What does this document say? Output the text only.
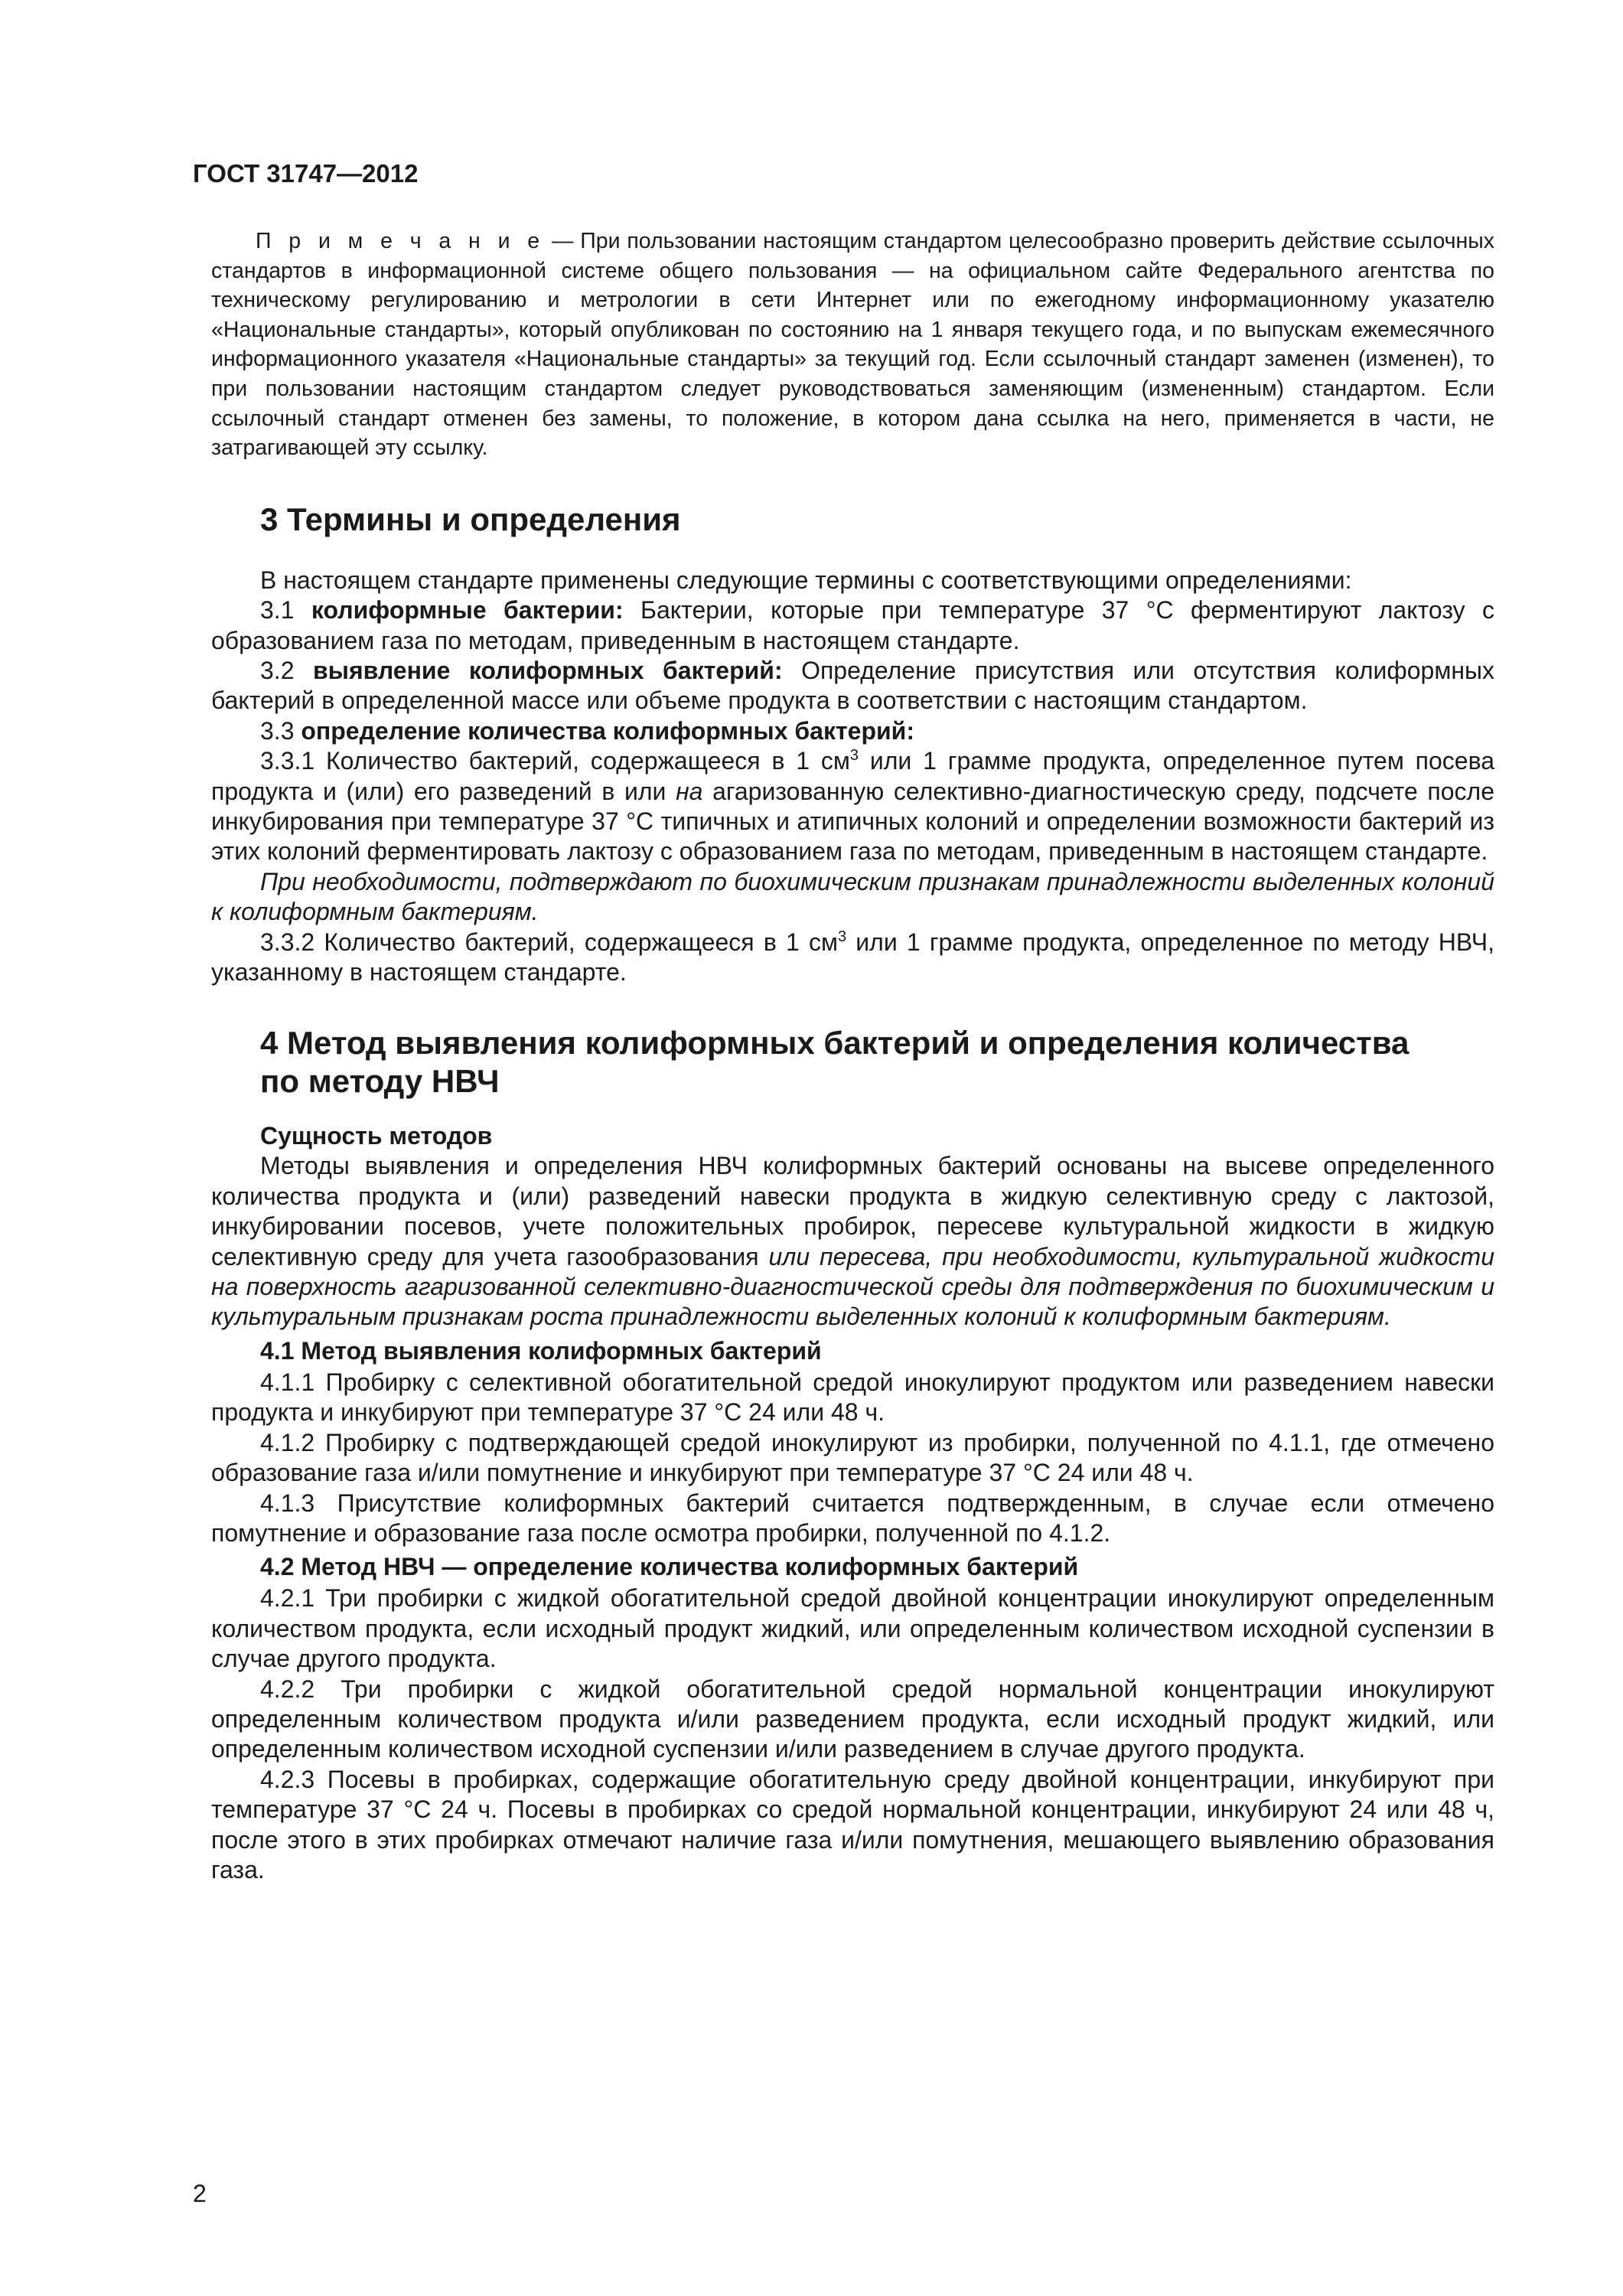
ГОСТ 31747—2012

П р и м е ч а н и е — При пользовании настоящим стандартом целесообразно проверить действие ссылочных стандартов в информационной системе общего пользования — на официальном сайте Федерального агентства по техническому регулированию и метрологии в сети Интернет или по ежегодному информационному указателю «Национальные стандарты», который опубликован по состоянию на 1 января текущего года, и по выпускам ежемесячного информационного указателя «Национальные стандарты» за текущий год. Если ссылочный стандарт заменен (изменен), то при пользовании настоящим стандартом следует руководствоваться заменяющим (измененным) стандартом. Если ссылочный стандарт отменен без замены, то положение, в котором дана ссылка на него, применяется в части, не затрагивающей эту ссылку.

3 Термины и определения

В настоящем стандарте применены следующие термины с соответствующими определениями:

3.1 колиформные бактерии: Бактерии, которые при температуре 37 °С ферментируют лактозу с образованием газа по методам, приведенным в настоящем стандарте.

3.2 выявление колиформных бактерий: Определение присутствия или отсутствия колиформных бактерий в определенной массе или объеме продукта в соответствии с настоящим стандартом.

3.3 определение количества колиформных бактерий:

3.3.1 Количество бактерий, содержащееся в 1 $см^3$ или 1 грамме продукта, определенное путем посева продукта и (или) его разведений в или на агаризованную селективно-диагностическую среду, подсчете после инкубирования при температуре 37 °С типичных и атипичных колоний и определении возможности бактерий из этих колоний ферментировать лактозу с образованием газа по методам, приведенным в настоящем стандарте.

При необходимости, подтверждают по биохимическим признакам принадлежности выделенных колоний к колиформным бактериям.

3.3.2 Количество бактерий, содержащееся в 1 $см^3$ или 1 грамме продукта, определенное по методу НВЧ, указанному в настоящем стандарте.

4 Метод выявления колиформных бактерий и определения количества
по методу НВЧ
Сущность методов

Методы выявления и определения НВЧ колиформных бактерий основаны на высеве определенного количества продукта и (или) разведений навески продукта в жидкую селективную среду с лактозой, инкубировании посевов, учете положительных пробирок, пересеве культуральной жидкости в жидкую селективную среду для учета газообразования или пересева, при необходимости, культуральной жидкости на поверхность агаризованной селективно-диагностической среды для подтверждения по биохимическим и культуральным признакам роста принадлежности выделенных колоний к колиформным бактериям.

4.1 Метод выявления колиформных бактерий

4.1.1 Пробирку с селективной обогатительной средой инокулируют продуктом или разведением навески продукта и инкубируют при температуре 37 °С 24 или 48 ч.

4.1.2 Пробирку с подтверждающей средой инокулируют из пробирки, полученной по 4.1.1, где отмечено образование газа и/или помутнение и инкубируют при температуре 37 °С 24 или 48 ч.

4.1.3 Присутствие колиформных бактерий считается подтвержденным, в случае если отмечено помутнение и образование газа после осмотра пробирки, полученной по 4.1.2.

4.2 Метод НВЧ — определение количества колиформных бактерий

4.2.1 Три пробирки с жидкой обогатительной средой двойной концентрации инокулируют определенным количеством продукта, если исходный продукт жидкий, или определенным количеством исходной суспензии в случае другого продукта.

4.2.2 Три пробирки с жидкой обогатительной средой нормальной концентрации инокулируют определенным количеством продукта и/или разведением продукта, если исходный продукт жидкий, или определенным количеством исходной суспензии и/или разведением в случае другого продукта.

4.2.3 Посевы в пробирках, содержащие обогатительную среду двойной концентрации, инкубируют при температуре 37 °С 24 ч. Посевы в пробирках со средой нормальной концентрации, инкубируют 24 или 48 ч, после этого в этих пробирках отмечают наличие газа и/или помутнения, мешающего выявлению образования газа.

2
